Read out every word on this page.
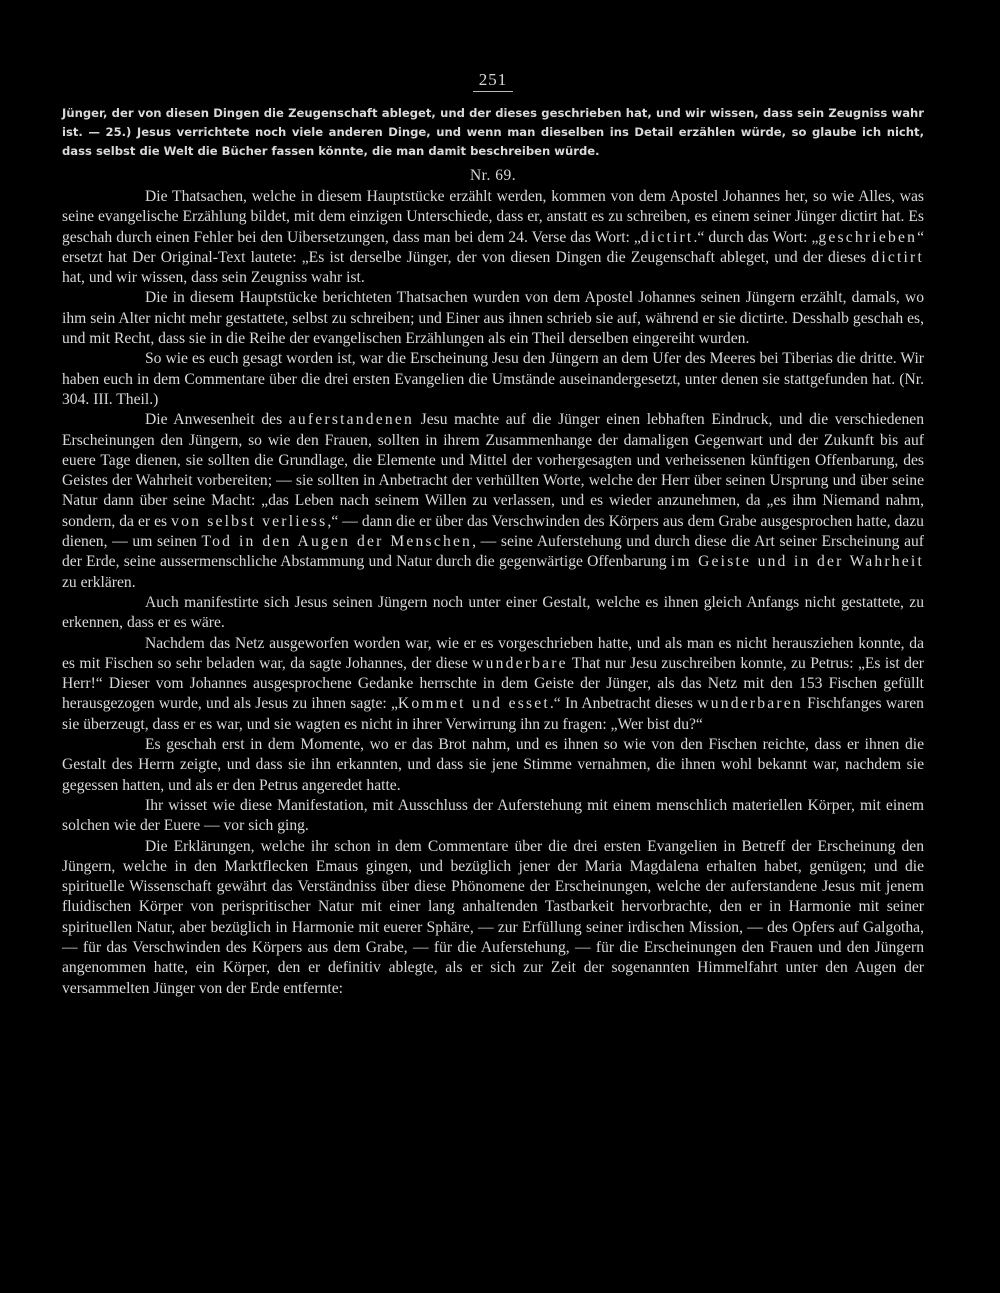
251

Jünger, der von diesen Dingen die Zeugenschaft ableget, und der dieses geschrieben hat, und wir wissen, dass sein Zeugniss wahr ist. — 25.) Jesus verrichtete noch viele anderen Dinge, und wenn man dieselben ins Detail erzählen würde, so glaube ich nicht, dass selbst die Welt die Bücher fassen könnte, die man damit beschreiben würde.

Nr. 69.

Die Thatsachen, welche in diesem Hauptstücke erzählt werden, kommen von dem Apostel Johannes her, so wie Alles, was seine evangelische Erzählung bildet, mit dem einzigen Unterschiede, dass er, anstatt es zu schreiben, es einem seiner Jünger dictirt hat. Es geschah durch einen Fehler bei den Uibersetzungen, dass man bei dem 24. Verse das Wort: „dictirt.“ durch das Wort: „geschrieben“ ersetzt hat Der Original-Text lautete: „Es ist derselbe Jünger, der von diesen Dingen die Zeugenschaft ableget, und der dieses dictirt hat, und wir wissen, dass sein Zeugniss wahr ist.

Die in diesem Hauptstücke berichteten Thatsachen wurden von dem Apostel Johannes seinen Jüngern erzählt, damals, wo ihm sein Alter nicht mehr gestattete, selbst zu schreiben; und Einer aus ihnen schrieb sie auf, während er sie dictirte. Desshalb geschah es, und mit Recht, dass sie in die Reihe der evangelischen Erzählungen als ein Theil derselben eingereiht wurden.

So wie es euch gesagt worden ist, war die Erscheinung Jesu den Jüngern an dem Ufer des Meeres bei Tiberias die dritte. Wir haben euch in dem Commentare über die drei ersten Evangelien die Umstände auseinandergesetzt, unter denen sie stattgefunden hat. (Nr. 304. III. Theil.)

Die Anwesenheit des auferstandenen Jesu machte auf die Jünger einen lebhaften Eindruck, und die verschiedenen Erscheinungen den Jüngern, so wie den Frauen, sollten in ihrem Zusammenhange der damaligen Gegenwart und der Zukunft bis auf euere Tage dienen, sie sollten die Grundlage, die Elemente und Mittel der vorhergesagten und verheissenen künftigen Offenbarung, des Geistes der Wahrheit vorbereiten; — sie sollten in Anbetracht der verhüllten Worte, welche der Herr über seinen Ursprung und über seine Natur dann über seine Macht: „das Leben nach seinem Willen zu verlassen, und es wieder anzunehmen, da „es ihm Niemand nahm, sondern, da er es von selbst verliess,“ — dann die er über das Verschwinden des Körpers aus dem Grabe ausgesprochen hatte, dazu dienen, — um seinen Tod in den Augen der Menschen, — seine Auferstehung und durch diese die Art seiner Erscheinung auf der Erde, seine aussermenschliche Abstammung und Natur durch die gegenwärtige Offenbarung im Geiste und in der Wahrheit zu erklären.

Auch manifestirte sich Jesus seinen Jüngern noch unter einer Gestalt, welche es ihnen gleich Anfangs nicht gestattete, zu erkennen, dass er es wäre.

Nachdem das Netz ausgeworfen worden war, wie er es vorgeschrieben hatte, und als man es nicht herausziehen konnte, da es mit Fischen so sehr beladen war, da sagte Johannes, der diese wunderbare That nur Jesu zuschreiben konnte, zu Petrus: „Es ist der Herr!“ Dieser vom Johannes ausgesprochene Gedanke herrschte in dem Geiste der Jünger, als das Netz mit den 153 Fischen gefüllt herausgezogen wurde, und als Jesus zu ihnen sagte: „Kommet und esset.“ In Anbetracht dieses wunderbaren Fischfanges waren sie überzeugt, dass er es war, und sie wagten es nicht in ihrer Verwirrung ihn zu fragen: „Wer bist du?“

Es geschah erst in dem Momente, wo er das Brot nahm, und es ihnen so wie von den Fischen reichte, dass er ihnen die Gestalt des Herrn zeigte, und dass sie ihn erkannten, und dass sie jene Stimme vernahmen, die ihnen wohl bekannt war, nachdem sie gegessen hatten, und als er den Petrus angeredet hatte.

Ihr wisset wie diese Manifestation, mit Ausschluss der Auferstehung mit einem menschlich materiellen Körper, mit einem solchen wie der Euere — vor sich ging.

Die Erklärungen, welche ihr schon in dem Commentare über die drei ersten Evangelien in Betreff der Erscheinung den Jüngern, welche in den Marktflecken Emaus gingen, und bezüglich jener der Maria Magdalena erhalten habet, genügen; und die spirituelle Wissenschaft gewährt das Verständniss über diese Phönomene der Erscheinungen, welche der auferstandene Jesus mit jenem fluidischen Körper von perispritischer Natur mit einer lang anhaltenden Tastbarkeit hervorbrachte, den er in Harmonie mit seiner spirituellen Natur, aber bezüglich in Harmonie mit euerer Sphäre, — zur Erfüllung seiner irdischen Mission, — des Opfers auf Galgotha, — für das Verschwinden des Körpers aus dem Grabe, — für die Auferstehung, — für die Erscheinungen den Frauen und den Jüngern angenommen hatte, ein Körper, den er definitiv ablegte, als er sich zur Zeit der sogenannten Himmelfahrt unter den Augen der versammelten Jünger von der Erde entfernte:
